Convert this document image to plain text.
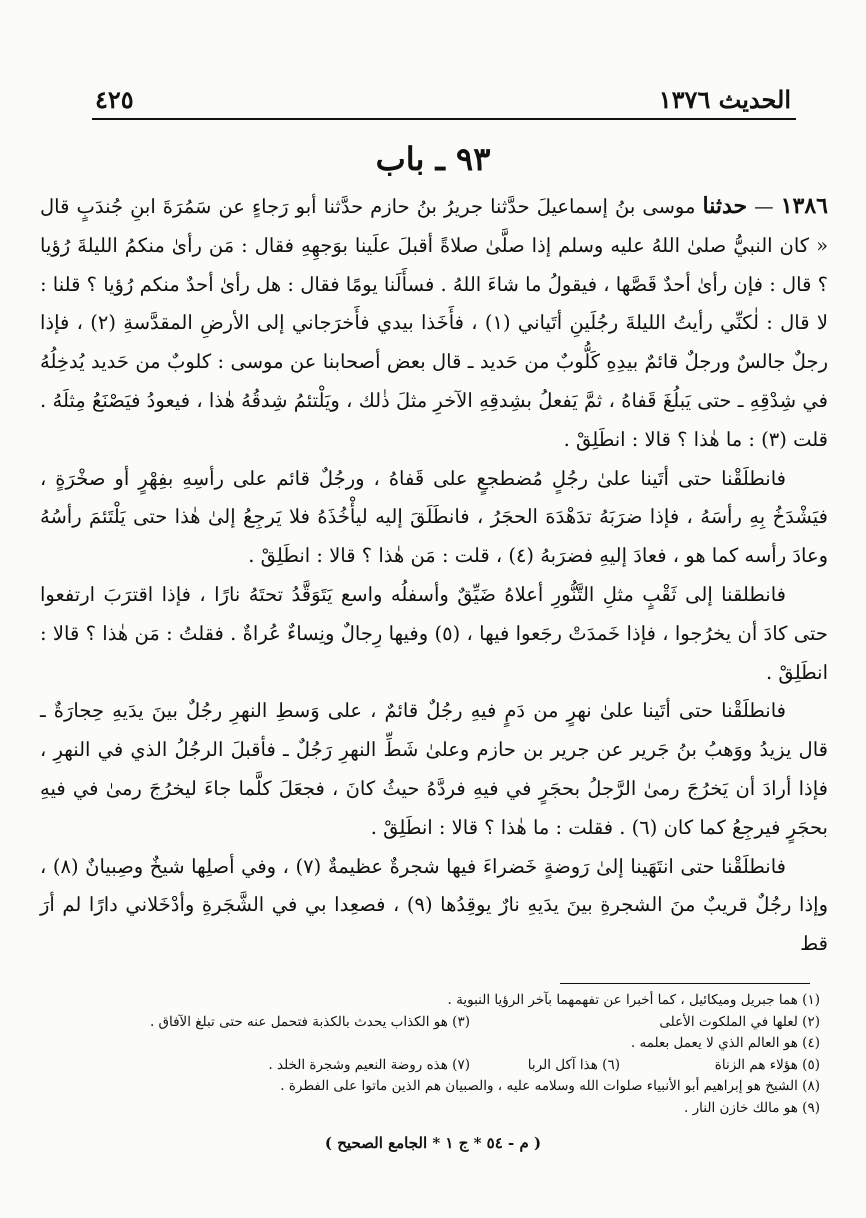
الحديث ١٣٧٦
٤٢٥
٩٣ ـ باب

١٣٨٦ — حدثنا موسى بنُ إسماعيلَ حدَّثنا جريرُ بنُ حازم حدَّثنا أبو رَجاءٍ عن سَمُرَةَ ابنِ جُندَبٍ قال « كان النبيُّ صلىٰ اللهُ عليه وسلم إذا صلَّىٰ صلاةً أقبلَ علَينا بوَجهِهِ فقال : مَن رأىٰ منكمُ الليلةَ رُؤيا ؟ قال : فإن رأىٰ أحدٌ قَصَّها ، فيقولُ ما شاءَ اللهُ . فسأَلَنا يومًا فقال : هل رأىٰ أحدٌ منكم رُؤيا ؟ قلنا : لا قال : لٰكنِّي رأيتُ الليلةَ رجُلَينِ أتَياني (١) ، فأَخَذا بيدي فأَخرَجاني إلى الأرضِ المقدَّسةِ (٢) ، فإذا رجلٌ جالسٌ ورجلٌ قائمٌ بيدِهِ كَلُّوبٌ من حَديد ـ قال بعض أصحابنا عن موسى : كلوبٌ من حَديد يُدخِلُهُ في شِدْقِهِ ـ حتى يَبلُغَ قَفاهُ ، ثمَّ يَفعلُ بشِدقِهِ الآخرِ مثلَ ذٰلك ، ويَلْتئمُ شِدقُهُ هٰذا ، فيعودُ فيَصْنَعُ مِثلَهُ . قلت (٣) : ما هٰذا ؟ قالا : انطَلِقْ .

فانطلَقْنا حتى أتَينا علىٰ رجُلٍ مُضطجعٍ على قَفاهُ ، ورجُلٌ قائم على رأسِهِ بفِهْرٍ أو صخْرَةٍ ، فيَشْدَخُ بِهِ رأسَهُ ، فإذا ضرَبَهُ تدَهْدَهَ الحجَرُ ، فانطَلَقَ إليه ليأْخُذَهُ فلا يَرجِعُ إلىٰ هٰذا حتى يَلْتَئمَ رأسُهُ وعادَ رأسه كما هو ، فعادَ إليهِ فضرَبهُ (٤) ، قلت : مَن هٰذا ؟ قالا : انطَلِقْ .

فانطلقنا إلى ثَقْبٍ مثلِ التَّنُّورِ أعلاهُ ضَيِّقٌ وأسفلُه واسع يَتَوَقَّدُ تحتَهُ نارًا ، فإذا اقترَبَ ارتفعوا حتى كادَ أن يخرُجوا ، فإذا خَمدَتْ رجَعوا فيها ، (٥) وفيها رِجالٌ ونِساءٌ عُراةٌ . فقلتُ : مَن هٰذا ؟ قالا : انطَلِقْ .

فانطلَقْنا حتى أتَينا علىٰ نهرٍ من دَمٍ فيهِ رجُلٌ قائمٌ ، على وَسطِ النهرِ رجُلٌ بينَ يدَيهِ حِجارَةٌ ـ قال يزيدُ ووَهبُ بنُ جَرير عن جرير بن حازم وعلىٰ شَطِّ النهرِ رَجُلٌ ـ فأقبلَ الرجُلُ الذي في النهرِ ، فإذا أرادَ أن يَخرُجَ رمىٰ الرَّجلُ بحجَرٍ في فيهِ فردَّهُ حيثُ كانَ ، فجعَلَ كلَّما جاءَ ليخرُجَ رمىٰ في فيهِ بحجَرٍ فيرجِعُ كما كان (٦) . فقلت : ما هٰذا ؟ قالا : انطَلِقْ .

فانطلَقْنا حتى انتَهَينا إلىٰ رَوضةٍ خَضراءَ فيها شجرةٌ عظيمةٌ (٧) ، وفي أصلِها شيخٌ وصِبيانٌ (٨) ، وإذا رجُلٌ قريبٌ منَ الشجرةِ بينَ يدَيهِ نارٌ يوقِدُها (٩) ، فصعِدا بي في الشَّجَرةِ وأدْخَلاني دارًا لم أرَ قط

(١) هما جبريل وميكائيل ، كما أخبرا عن تفهمهما بآخر الرؤيا النبوية .
(٢) لعلها في الملكوت الأعلى
(٣) هو الكذاب يحدث بالكذبة فتحمل عنه حتى تبلغ الآفاق .
(٤) هو العالم الذي لا يعمل بعلمه .
(٥) هؤلاء هم الزناة
(٦) هذا آكل الربا
(٧) هذه روضة النعيم وشجرة الخلد .
(٨) الشيخ هو إبراهيم أبو الأنبياء صلوات الله وسلامه عليه ، والصبيان هم الذين ماتوا على الفطرة .
(٩) هو مالك خازن النار .
( م - ٥٤ * ج ١ * الجامع الصحيح )
